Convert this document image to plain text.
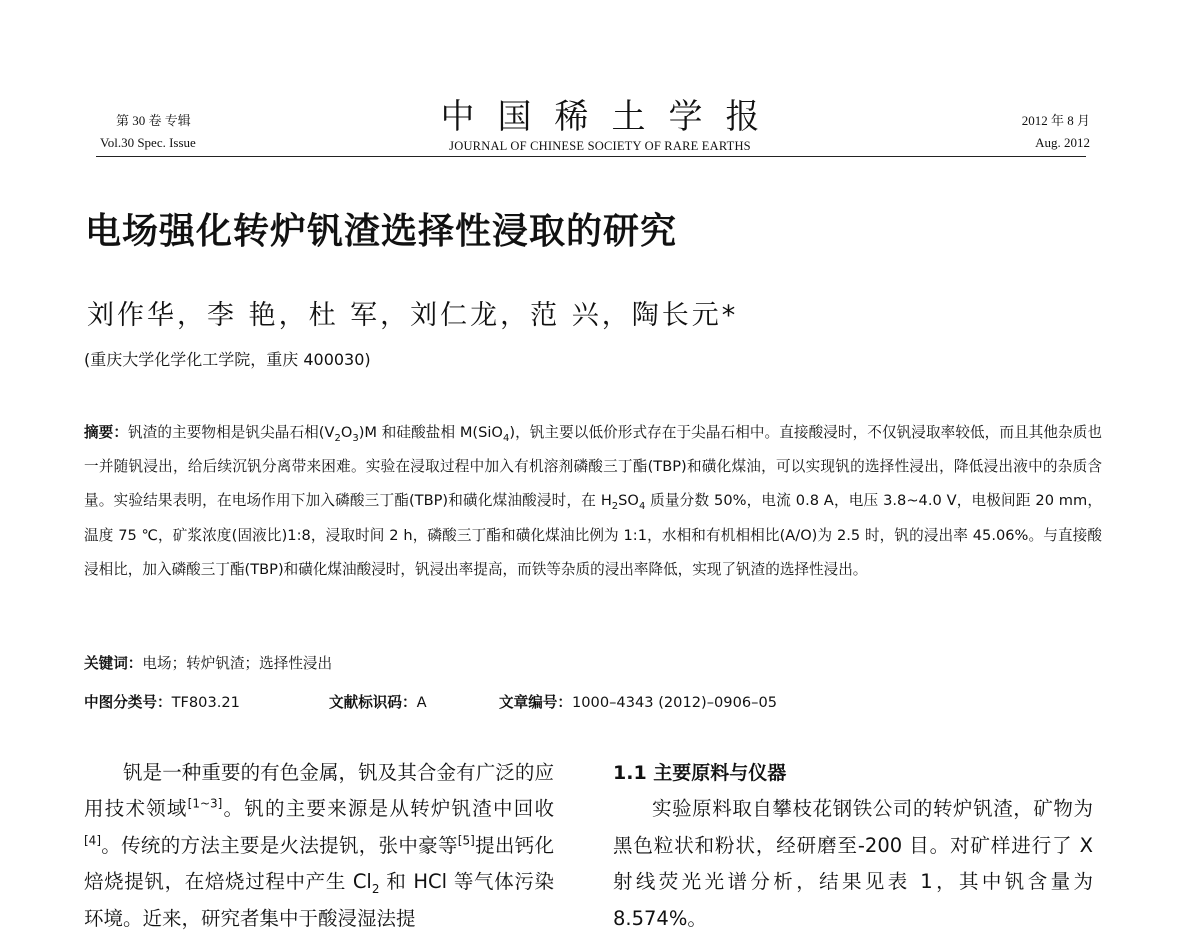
第 30 卷 专辑
Vol.30 Spec. Issue
中国稀土学报
JOURNAL OF CHINESE SOCIETY OF RARE EARTHS
2012 年 8 月
Aug. 2012
电场强化转炉钒渣选择性浸取的研究
刘作华，李 艳，杜 军，刘仁龙，范 兴，陶长元*
(重庆大学化学化工学院，重庆 400030)
摘要：钒渣的主要物相是钒尖晶石相$(V_2O_3)M$ 和硅酸盐相 M(SiO$_4$)，钒主要以低价形式存在于尖晶石相中。直接酸浸时，不仅钒浸取率较低，而且其他杂质也一并随钒浸出，给后续沉钒分离带来困难。实验在浸取过程中加入有机溶剂磷酸三丁酯(TBP)和磺化煤油，可以实现钒的选择性浸出，降低浸出液中的杂质含量。实验结果表明，在电场作用下加入磷酸三丁酯(TBP)和磺化煤油酸浸时，在 $H_2SO_4$ 质量分数 50%，电流 0.8 A，电压 3.8~4.0 V，电极间距 20 mm，温度 75 ℃，矿浆浓度(固液比)1:8，浸取时间 2 h，磷酸三丁酯和磺化煤油比例为 1:1，水相和有机相相比(A/O)为 2.5 时，钒的浸出率 45.06%。与直接酸浸相比，加入磷酸三丁酯(TBP)和磺化煤油酸浸时，钒浸出率提高，而铁等杂质的浸出率降低，实现了钒渣的选择性浸出。
关键词：电场；转炉钒渣；选择性浸出
中图分类号：TF803.21	文献标识码：A	文章编号：1000–4343 (2012)–0906–05

钒是一种重要的有色金属，钒及其合金有广泛的应用技术领域[1~3]。钒的主要来源是从转炉钒渣中回收[4]。传统的方法主要是火法提钒，张中豪等[5]提出钙化焙烧提钒，在焙烧过程中产生 $Cl_2$ 和 HCl 等气体污染环境。近来，研究者集中于酸浸湿法提

1.1 主要原料与仪器

实验原料取自攀枝花钢铁公司的转炉钒渣，矿物为黑色粒状和粉状，经研磨至-200 目。对矿样进行了 X 射线荧光光谱分析，结果见表 1，其中钒含量为 8.574%。
